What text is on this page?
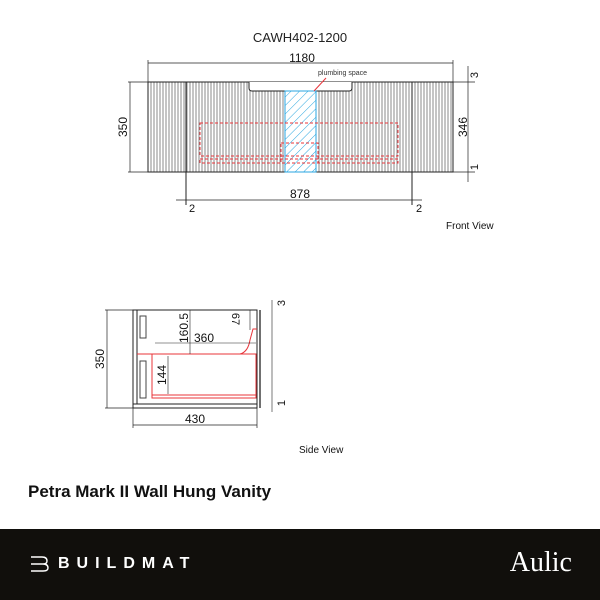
CAWH402-1200
plumbing space
1180
350	346
3
1
878
2	2
Front View
360
160.5
144
67
350
430
3
1
Side View
Petra Mark II Wall Hung Vanity
BUILDMAT	Aulic
